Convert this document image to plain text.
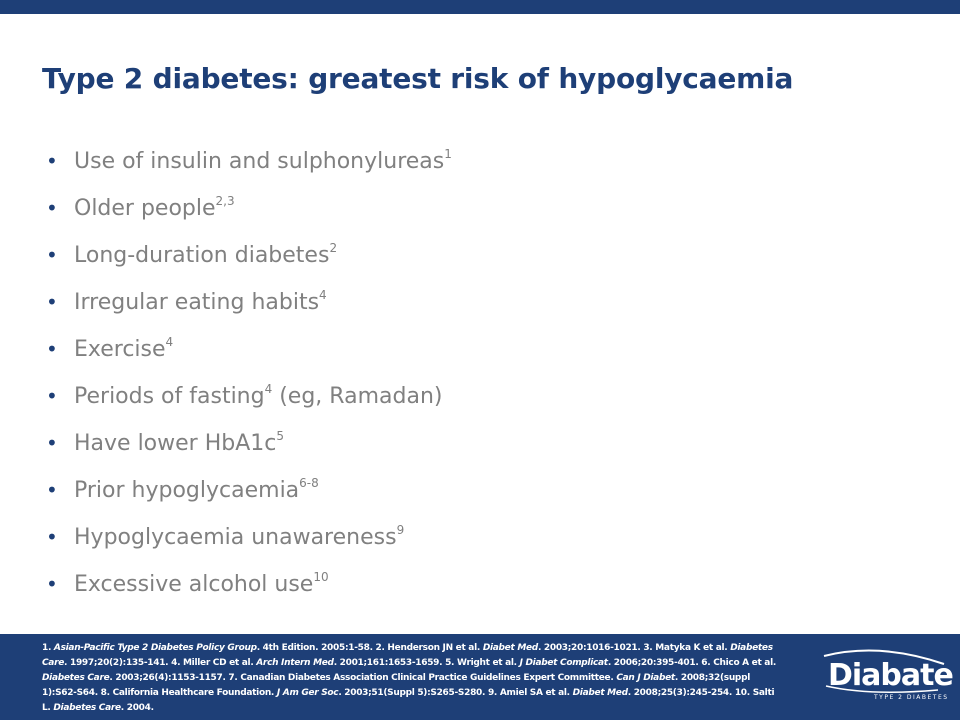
Type 2 diabetes: greatest risk of hypoglycaemia
• Use of insulin and sulphonylureas$^1$
• Older people$^{2,3}$
• Long-duration diabetes$^2$
• Irregular eating habits$^4$
• Exercise$^4$
• Periods of fasting$^4$ (eg, Ramadan)
• Have lower $HbA1c^5$
• Prior hypoglycaemia$^{6-8}$
• Hypoglycaemia unawareness$^9$
• Excessive alcohol use$^{10}$

1. Asian-Pacific Type 2 Diabetes Policy Group. 4th Edition. 2005:1-58. 2. Henderson JN et al. Diabet Med. 2003;20:1016-1021. 3. Matyka K et al. Diabetes Care. 1997;20(2):135-141. 4. Miller CD et al. Arch Intern Med. 2001;161:1653-1659. 5. Wright et al. J Diabet Complicat. 2006;20:395-401. 6. Chico A et al. Diabetes Care. 2003;26(4):1153-1157. 7. Canadian Diabetes Association Clinical Practice Guidelines Expert Committee. Can J Diabet. 2008;32(suppl 1):S62-S64. 8. California Healthcare Foundation. J Am Ger Soc. 2003;51(Suppl 5):S265-S280. 9. Amiel SA et al. Diabet Med. 2008;25(3):245-254. 10. Salti L. Diabetes Care. 2004.

Diabate
TYPE 2 DIABETES
